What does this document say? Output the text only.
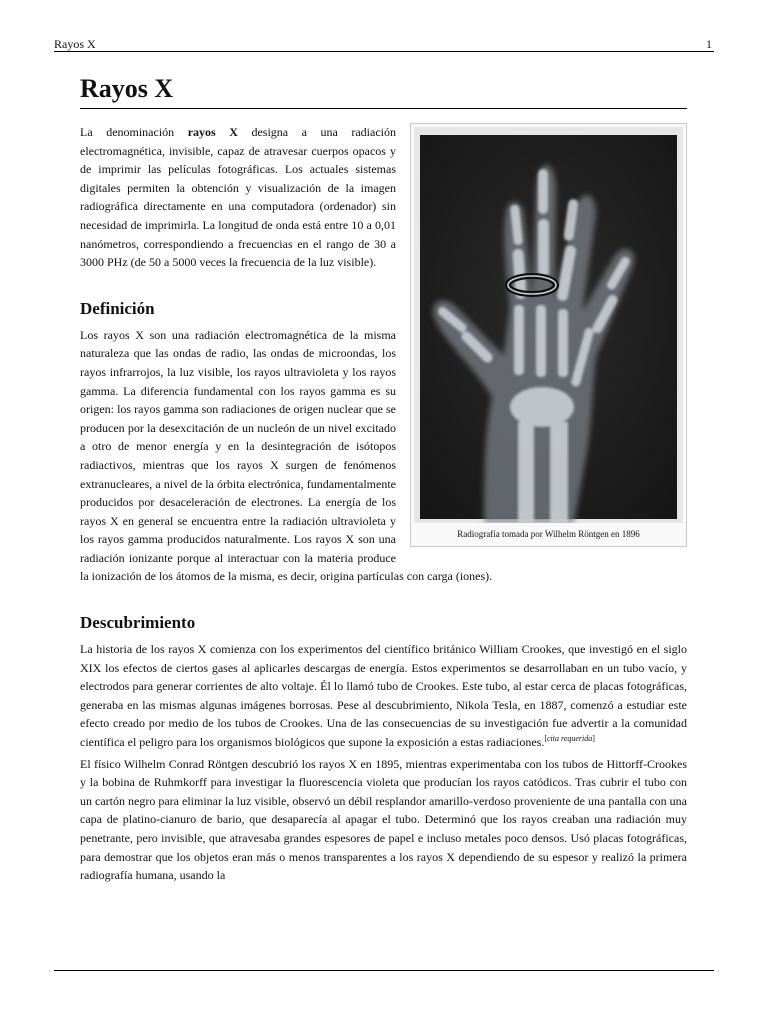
Rayos X	1
Rayos X
Radiografía tomada por Wilhelm Röntgen en 1896

La denominación rayos X designa a una radiación electromagnética, invisible, capaz de atravesar cuerpos opacos y de imprimir las películas fotográficas. Los actuales sistemas digitales permiten la obtención y visualización de la imagen radiográfica directamente en una computadora (ordenador) sin necesidad de imprimirla. La longitud de onda está entre 10 a 0,01 nanómetros, correspondiendo a frecuencias en el rango de 30 a 3000 PHz (de 50 a 5000 veces la frecuencia de la luz visible).

Definición

Los rayos X son una radiación electromagnética de la misma naturaleza que las ondas de radio, las ondas de microondas, los rayos infrarrojos, la luz visible, los rayos ultravioleta y los rayos gamma. La diferencia fundamental con los rayos gamma es su origen: los rayos gamma son radiaciones de origen nuclear que se producen por la desexcitación de un nucleón de un nivel excitado a otro de menor energía y en la desintegración de isótopos radiactivos, mientras que los rayos X surgen de fenómenos extranucleares, a nivel de la órbita electrónica, fundamentalmente producidos por desaceleración de electrones. La energía de los rayos X en general se encuentra entre la radiación ultravioleta y los rayos gamma producidos naturalmente. Los rayos X son una radiación ionizante porque al interactuar con la materia produce la ionización de los átomos de la misma, es decir, origina partículas con carga (iones).

Descubrimiento

La historia de los rayos X comienza con los experimentos del científico británico William Crookes, que investigó en el siglo XIX los efectos de ciertos gases al aplicarles descargas de energía. Estos experimentos se desarrollaban en un tubo vacío, y electrodos para generar corrientes de alto voltaje. Él lo llamó tubo de Crookes. Este tubo, al estar cerca de placas fotográficas, generaba en las mismas algunas imágenes borrosas. Pese al descubrimiento, Nikola Tesla, en 1887, comenzó a estudiar este efecto creado por medio de los tubos de Crookes. Una de las consecuencias de su investigación fue advertir a la comunidad científica el peligro para los organismos biológicos que supone la exposición a estas radiaciones.[cita requerida]

El físico Wilhelm Conrad Röntgen descubrió los rayos X en 1895, mientras experimentaba con los tubos de Hittorff-Crookes y la bobina de Ruhmkorff para investigar la fluorescencia violeta que producían los rayos catódicos. Tras cubrir el tubo con un cartón negro para eliminar la luz visible, observó un débil resplandor amarillo-verdoso proveniente de una pantalla con una capa de platino-cianuro de bario, que desaparecía al apagar el tubo. Determinó que los rayos creaban una radiación muy penetrante, pero invisible, que atravesaba grandes espesores de papel e incluso metales poco densos. Usó placas fotográficas, para demostrar que los objetos eran más o menos transparentes a los rayos X dependiendo de su espesor y realizó la primera radiografía humana, usando la
